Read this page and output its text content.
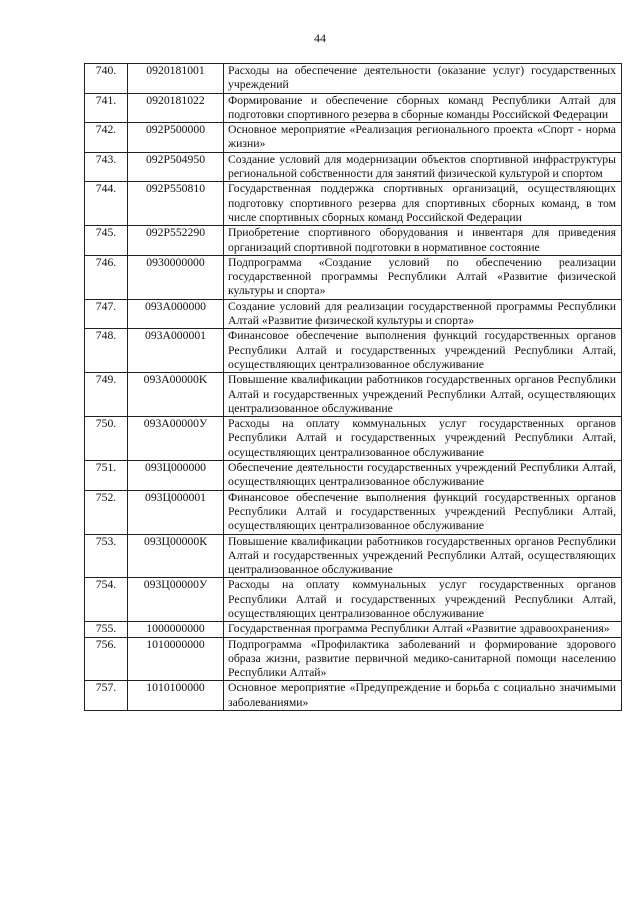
44
740.	0920181001	Расходы на обеспечение деятельности (оказание услуг) государственных учреждений
741.	0920181022	Формирование и обеспечение сборных команд Республики Алтай для подготовки спортивного резерва в сборные команды Российской Федерации
742.	092P500000	Основное мероприятие «Реализация регионального проекта «Спорт - норма жизни»
743.	092P504950	Создание условий для модернизации объектов спортивной инфраструктуры региональной собственности для занятий физической культурой и спортом
744.	092P550810	Государственная поддержка спортивных организаций, осуществляющих подготовку спортивного резерва для спортивных сборных команд, в том числе спортивных сборных команд Российской Федерации
745.	092P552290	Приобретение спортивного оборудования и инвентаря для приведения организаций спортивной подготовки в нормативное состояние
746.	0930000000	Подпрограмма «Создание условий по обеспечению реализации государственной программы Республики Алтай «Развитие физической культуры и спорта»
747.	093A000000	Создание условий для реализации государственной программы Республики Алтай «Развитие физической культуры и спорта»
748.	093A000001	Финансовое обеспечение выполнения функций государственных органов Республики Алтай и государственных учреждений Республики Алтай, осуществляющих централизованное обслуживание
749.	093A00000K	Повышение квалификации работников государственных органов Республики Алтай и государственных учреждений Республики Алтай, осуществляющих централизованное обслуживание
750.	093A00000У	Расходы на оплату коммунальных услуг государственных органов Республики Алтай и государственных учреждений Республики Алтай, осуществляющих централизованное обслуживание
751.	093Ц000000	Обеспечение деятельности государственных учреждений Республики Алтай, осуществляющих централизованное обслуживание
752.	093Ц000001	Финансовое обеспечение выполнения функций государственных органов Республики Алтай и государственных учреждений Республики Алтай, осуществляющих централизованное обслуживание
753.	093Ц00000К	Повышение квалификации работников государственных органов Республики Алтай и государственных учреждений Республики Алтай, осуществляющих централизованное обслуживание
754.	093Ц00000У	Расходы на оплату коммунальных услуг государственных органов Республики Алтай и государственных учреждений Республики Алтай, осуществляющих централизованное обслуживание
755.	1000000000	Государственная программа Республики Алтай «Развитие здравоохранения»
756.	1010000000	Подпрограмма «Профилактика заболеваний и формирование здорового образа жизни, развитие первичной медико-санитарной помощи населению Республики Алтай»
757.	1010100000	Основное мероприятие «Предупреждение и борьба с социально значимыми заболеваниями»
